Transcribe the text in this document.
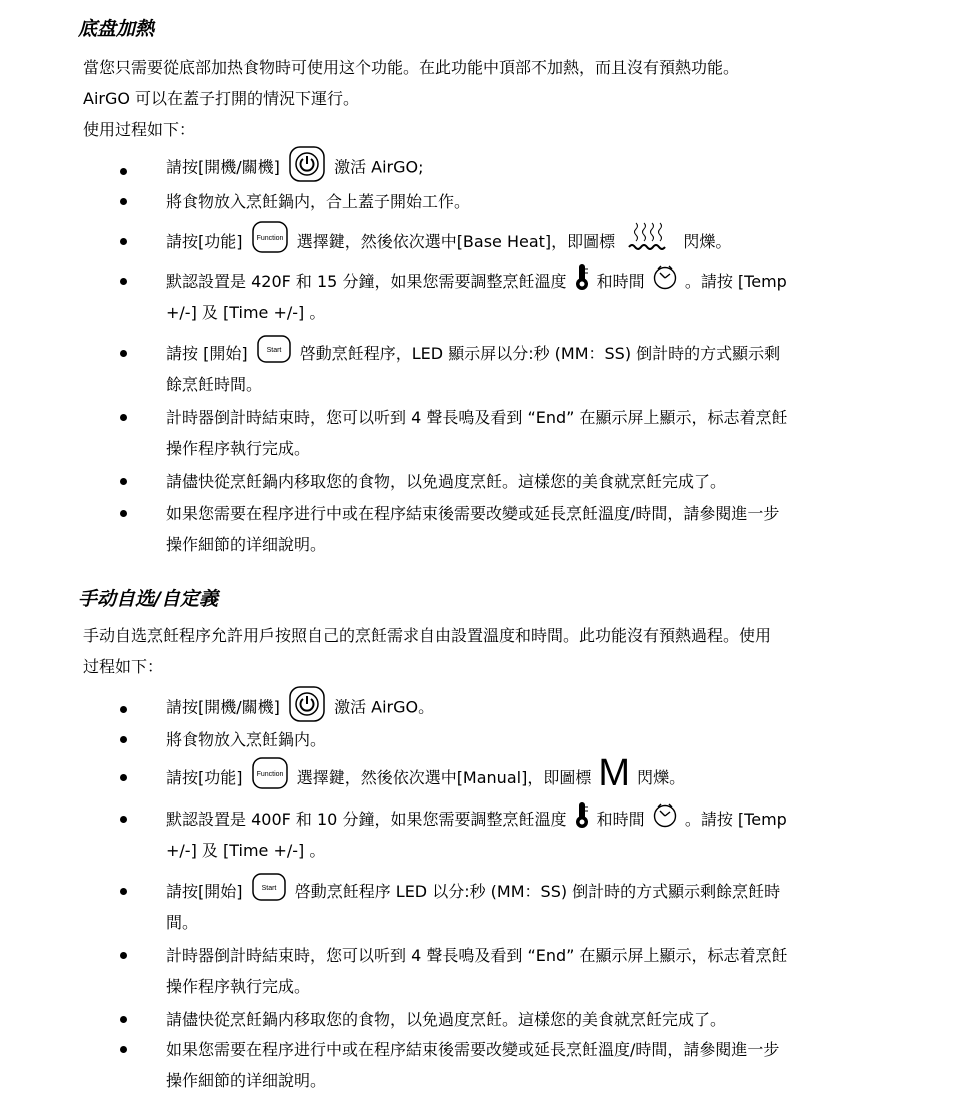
底盘加熱
當您只需要從底部加热食物時可使用这个功能。在此功能中頂部不加熱，而且沒有預熱功能。
AirGO 可以在蓋子打開的情況下運行。
使用过程如下：
請按[開機/關機]	激活 AirGO;
將食物放入烹飪鍋内，合上蓋子開始工作。
請按[功能] Function 選擇鍵，然後依次選中[Base Heat]，即圖標	閃爍。
默認設置是 420F 和 15 分鐘，如果您需要調整烹飪溫度 和時間	。請按 [Temp
+/-] 及 [Time +/-] 。
請按 [開始]	Start 啓動烹飪程序，LED 顯示屏以分:秒 (MM：SS) 倒計時的方式顯示剩
餘烹飪時間。
計時器倒計時結束時，您可以听到 4 聲長鳴及看到 “End” 在顯示屏上顯示，标志着烹飪
操作程序執行完成。
請儘快從烹飪鍋内移取您的食物，以免過度烹飪。這樣您的美食就烹飪完成了。
如果您需要在程序进行中或在程序結束後需要改變或延長烹飪溫度/時間，請參閱進一步
操作細節的详细說明。
手动自选/自定義
手动自选烹飪程序允許用戶按照自己的烹飪需求自由設置溫度和時間。此功能沒有預熱過程。使用
过程如下：
請按[開機/關機]	激活 AirGO。
將食物放入烹飪鍋内。
請按[功能] Function 選擇鍵，然後依次選中[Manual]，即圖標 M 閃爍。
默認設置是 400F 和 10 分鐘，如果您需要調整烹飪溫度 和時間	。請按 [Temp
+/-] 及 [Time +/-] 。
請按[開始]	Start 啓動烹飪程序 LED 以分:秒 (MM：SS) 倒計時的方式顯示剩餘烹飪時
間。
計時器倒計時結束時，您可以听到 4 聲長鳴及看到 “End” 在顯示屏上顯示，标志着烹飪
操作程序執行完成。
請儘快從烹飪鍋内移取您的食物，以免過度烹飪。這樣您的美食就烹飪完成了。
如果您需要在程序进行中或在程序結束後需要改變或延長烹飪溫度/時間，請參閱進一步
操作細節的详细說明。
